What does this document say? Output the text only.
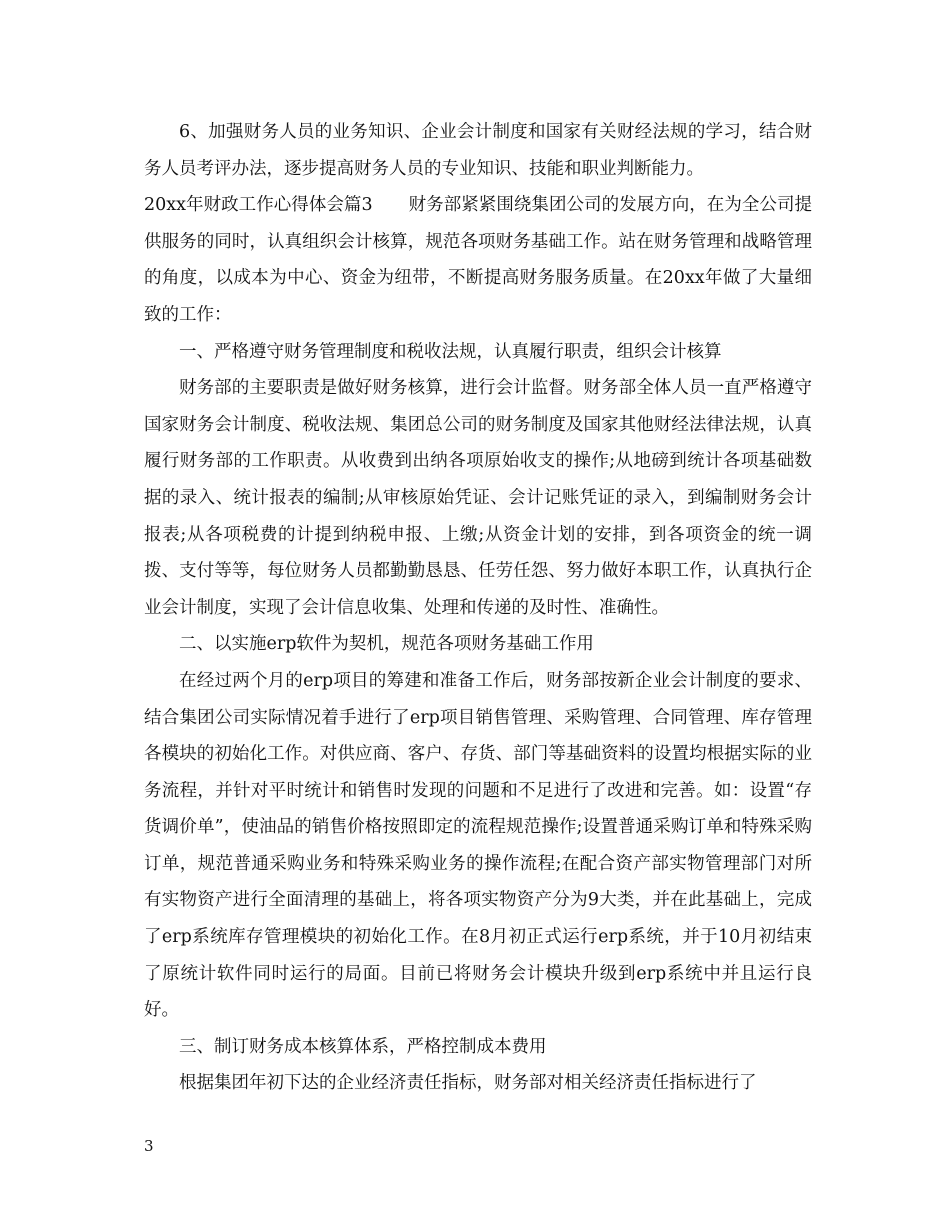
6、加强财务人员的业务知识、企业会计制度和国家有关财经法规的学习，结合财务人员考评办法，逐步提高财务人员的专业知识、技能和职业判断能力。

20xx年财政工作心得体会篇3 财务部紧紧围绕集团公司的发展方向，在为全公司提供服务的同时，认真组织会计核算，规范各项财务基础工作。站在财务管理和战略管理的角度，以成本为中心、资金为纽带，不断提高财务服务质量。在20xx年做了大量细致的工作：

一、严格遵守财务管理制度和税收法规，认真履行职责，组织会计核算

财务部的主要职责是做好财务核算，进行会计监督。财务部全体人员一直严格遵守国家财务会计制度、税收法规、集团总公司的财务制度及国家其他财经法律法规，认真履行财务部的工作职责。从收费到出纳各项原始收支的操作;从地磅到统计各项基础数据的录入、统计报表的编制;从审核原始凭证、会计记账凭证的录入，到编制财务会计报表;从各项税费的计提到纳税申报、上缴;从资金计划的安排，到各项资金的统一调拨、支付等等，每位财务人员都勤勤恳恳、任劳任怨、努力做好本职工作，认真执行企业会计制度，实现了会计信息收集、处理和传递的及时性、准确性。

二、以实施erp软件为契机，规范各项财务基础工作用

在经过两个月的erp项目的筹建和准备工作后，财务部按新企业会计制度的要求、结合集团公司实际情况着手进行了erp项目销售管理、采购管理、合同管理、库存管理各模块的初始化工作。对供应商、客户、存货、部门等基础资料的设置均根据实际的业务流程，并针对平时统计和销售时发现的问题和不足进行了改进和完善。如：设置“存货调价单”，使油品的销售价格按照即定的流程规范操作;设置普通采购订单和特殊采购订单，规范普通采购业务和特殊采购业务的操作流程;在配合资产部实物管理部门对所有实物资产进行全面清理的基础上，将各项实物资产分为9大类，并在此基础上，完成了erp系统库存管理模块的初始化工作。在8月初正式运行erp系统，并于10月初结束了原统计软件同时运行的局面。目前已将财务会计模块升级到erp系统中并且运行良好。

三、制订财务成本核算体系，严格控制成本费用

根据集团年初下达的企业经济责任指标，财务部对相关经济责任指标进行了

3
